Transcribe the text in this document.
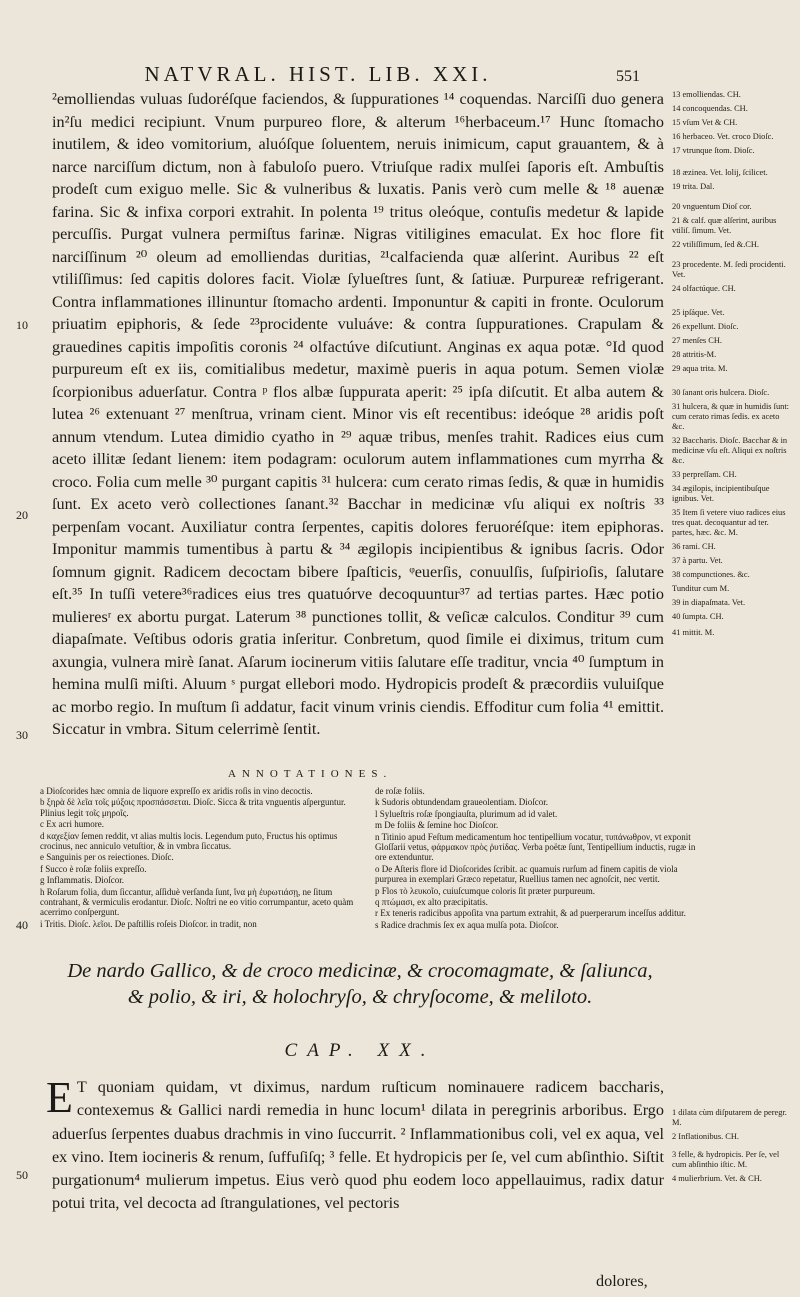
NATVRAL. HIST. LIB. XXI.	551
10
20
30
40
50

²emolliendas vuluas ſudoréſque faciendos, & ſuppurationes ¹⁴ coquendas. Narciſſi duo genera in²ſu medici recipiunt. Vnum purpureo flore, & alterum ¹⁶herbaceum.¹⁷ Hunc ſtomacho inutilem, & ideo vomitorium, aluóſque ſoluentem, neruis inimicum, caput grauantem, & à narce narciſſum dictum, non à fabuloſo puero. Vtriuſque radix mulſei ſaporis eſt. Ambuſtis prodeſt cum exiguo melle. Sic & vulneribus & luxatis. Panis verò cum melle & ¹⁸ auenæ farina. Sic & infixa corpori extrahit. In polenta ¹⁹ tritus oleóque, contuſis medetur & lapide percuſſis. Purgat vulnera permiſtus farinæ. Nigras vitiligines emaculat. Ex hoc flore fit narciſſinum ²⁰ oleum ad emolliendas duritias, ²¹calfacienda quæ alſerint. Auribus ²² eſt vtiliſſimus: ſed capitis dolores facit. Violæ ſylueſtres ſunt, & ſatiuæ. Purpureæ refrigerant. Contra inflammationes illinuntur ſtomacho ardenti. Imponuntur & capiti in fronte. Oculorum priuatim epiphoris, & ſede ²³procidente vuluáve: & contra ſuppurationes. Crapulam & grauedines capitis impoſitis coronis ²⁴ olfactúve diſcutiunt. Anginas ex aqua potæ. °Id quod purpureum eſt ex iis, comitialibus medetur, maximè pueris in aqua potum. Semen violæ ſcorpionibus aduerſatur. Contra ᵖ flos albæ ſuppurata aperit: ²⁵ ipſa diſcutit. Et alba autem & lutea ²⁶ extenuant ²⁷ menſtrua, vrinam cient. Minor vis eſt recentibus: ideóque ²⁸ aridis poſt annum vtendum. Lutea dimidio cyatho in ²⁹ aquæ tribus, menſes trahit. Radices eius cum aceto illitæ ſedant lienem: item podagram: oculorum autem inflammationes cum myrrha & croco. Folia cum melle ³⁰ purgant capitis ³¹ hulcera: cum cerato rimas ſedis, & quæ in humidis ſunt. Ex aceto verò collectiones ſanant.³² Bacchar in medicinæ vſu aliqui ex noſtris ³³ perpenſam vocant. Auxiliatur contra ſerpentes, capitis dolores feruoréſque: item epiphoras. Imponitur mammis tumentibus à partu & ³⁴ ægilopis incipientibus & ignibus ſacris. Odor ſomnum gignit. Radicem decoctam bibere ſpaſticis, ᵠeuerſis, conuulſis, ſuſpirioſis, ſalutare eſt.³⁵ In tuſſi vetere³⁶radices eius tres quatuórve decoquuntur³⁷ ad tertias partes. Hæc potio mulieresʳ ex abortu purgat. Laterum ³⁸ punctiones tollit, & veſicæ calculos. Conditur ³⁹ cum diapaſmate. Veſtibus odoris gratia inſeritur. Conbretum, quod ſimile ei diximus, tritum cum axungia, vulnera mirè ſanat. Aſarum iocinerum vitiis ſalutare eſſe traditur, vncia ⁴⁰ ſumptum in hemina mulſi miſti. Aluum ˢ purgat ellebori modo. Hydropicis prodeſt & præcordiis vuluiſque ac morbo regio. In muſtum ſi addatur, facit vinum vrinis ciendis. Effoditur cum folia ⁴¹ emittit. Siccatur in vmbra. Situm celerrimè ſentit.

13 emolliendas. CH.
14 concoquendas. CH.
15 vſum Vet & CH.
16 herbaceo. Vet. croco Dioſc.
17 vtrunque ſtom. Dioſc.
18 æzinea. Vet. lolij, ſcilicet.
19 trita. Dal.
20 vnguentum Dioſ cor.
21 & calf. quæ alſerint, auribus vtiliſ. ſimum. Vet.
22 vtiliſſimum, ſed &.CH.
23 procedente. M. ſedi procidenti. Vet.
24 olfactúque. CH.
25 ipſáque. Vet.
26 expellunt. Dioſc.
27 menſes CH.
28 attritis-M.
29 aqua trita. M.
30 ſanant oris hulcera. Dioſc.
31 hulcera, & quæ in humidis ſunt: cum cerato rimas ſedis. ex aceto &c.
32 Baccharis. Dioſc. Bacchar & in medicinæ vſu eſt. Aliqui ex noſtris &c.
33 perpreſſam. CH.
34 ægilopis, incipientibuſque ignibus. Vet.
35 Item ſi vetere viuo radices eius tres quat. decoquantur ad ter. partes, hæc. &c. M.
36 rami. CH.
37 à partu. Vet.
38 compunctiones. &c.
Tunditur cum M.
39 in diapaſmata. Vet.
40 ſumpta. CH.
41 mittit. M.
ANNOTATIONES.
a Dioſcorides hæc omnia de liquore expreſſo ex aridis roſis in vino decoctis.
b ξηρὰ δὲ λεῖα τοῖς μύξοις προσπάσσεται. Dioſc. Sicca & trita vnguentis aſperguntur. Plinius legit τοῖς μηροῖς.
c Ex acri humore.
d καχεξίαν ſemen reddit, vt alias multis locis. Legendum puto, Fructus his optimus crocinus, nec anniculo vetuſtior, & in vmbra ſiccatus.
e Sanguinis per os reiectiones. Dioſc.
f Succo è roſæ foliis expreſſo.
g Inflammatis. Dioſcor.
h Roſarum folia, dum ſiccantur, aſſiduè verſanda ſunt, ἵνα μὴ ἐυρωτιάσῃ, ne ſitum contrahant, & vermiculis erodantur. Dioſc. Noſtri ne eo vitio corrumpantur, aceto quàm acerrimo conſpergunt.
i Tritis. Dioſc. λεῖοι. De paſtillis roſeis Dioſcor. in tradit, non
de roſæ foliis.
k Sudoris obtundendam graueolentiam. Dioſcor.
l Sylueſtris roſæ ſpongiauſta, plurimum ad id valet.
m De foliis & ſemine hoc Dioſcor.
n Titinio apud Feſtum medicamentum hoc tentipellium vocatur, τυπάνωθρον, vt exponit Gloſſarii vetus, φάρμακον πρὸς ῥυτίδας. Verba poëtæ ſunt, Tentipellium inductis, rugæ in ore extenduntur.
o De Aſteris flore id Dioſcorides ſcribit. ac quamuis rurſum ad finem capitis de viola purpurea in exemplari Græco repetatur, Ruellius tamen nec agnoſcit, nec vertit.
p Flos τὸ λευκοῖο, cuiuſcumque coloris ſit præter purpureum.
q πτώμασι, ex alto præcipitatis.
r Ex teneris radicibus appoſita vna partum extrahit, & ad puerperarum inceſſus additur.
s Radice drachmis ſex ex aqua mulſa pota. Dioſcor.
De nardo Gallico, & de croco medicinæ, & crocomagmate, & ſaliunca,
& polio, & iri, & holochryſo, & chryſocome, & meliloto.
CAP. XX.
E T quoniam quidam, vt diximus, nardum ruſticum nominauere radicem baccharis, contexemus & Gallici nardi remedia in hunc locum¹ dilata in peregrinis arboribus. Ergo aduerſus ſerpentes duabus drachmis in vino ſuccurrit. ² Inflammationibus coli, vel ex aqua, vel ex vino. Item iocineris & renum, ſuffuſiſq; ³ felle. Et hydropicis per ſe, vel cum abſinthio. Siſtit purgationum⁴ mulierum impetus. Eius verò quod phu eodem loco appellauimus, radix datur potui trita, vel decocta ad ſtrangulationes, vel pectoris
dolores,
1 dilata cùm diſputarem de peregr. M.
2 Inflationibus. CH.
3 felle, & hydropicis. Per ſe, vel cum abſinthio iſtic. M.
4 mulierbrium. Vet. & CH.
